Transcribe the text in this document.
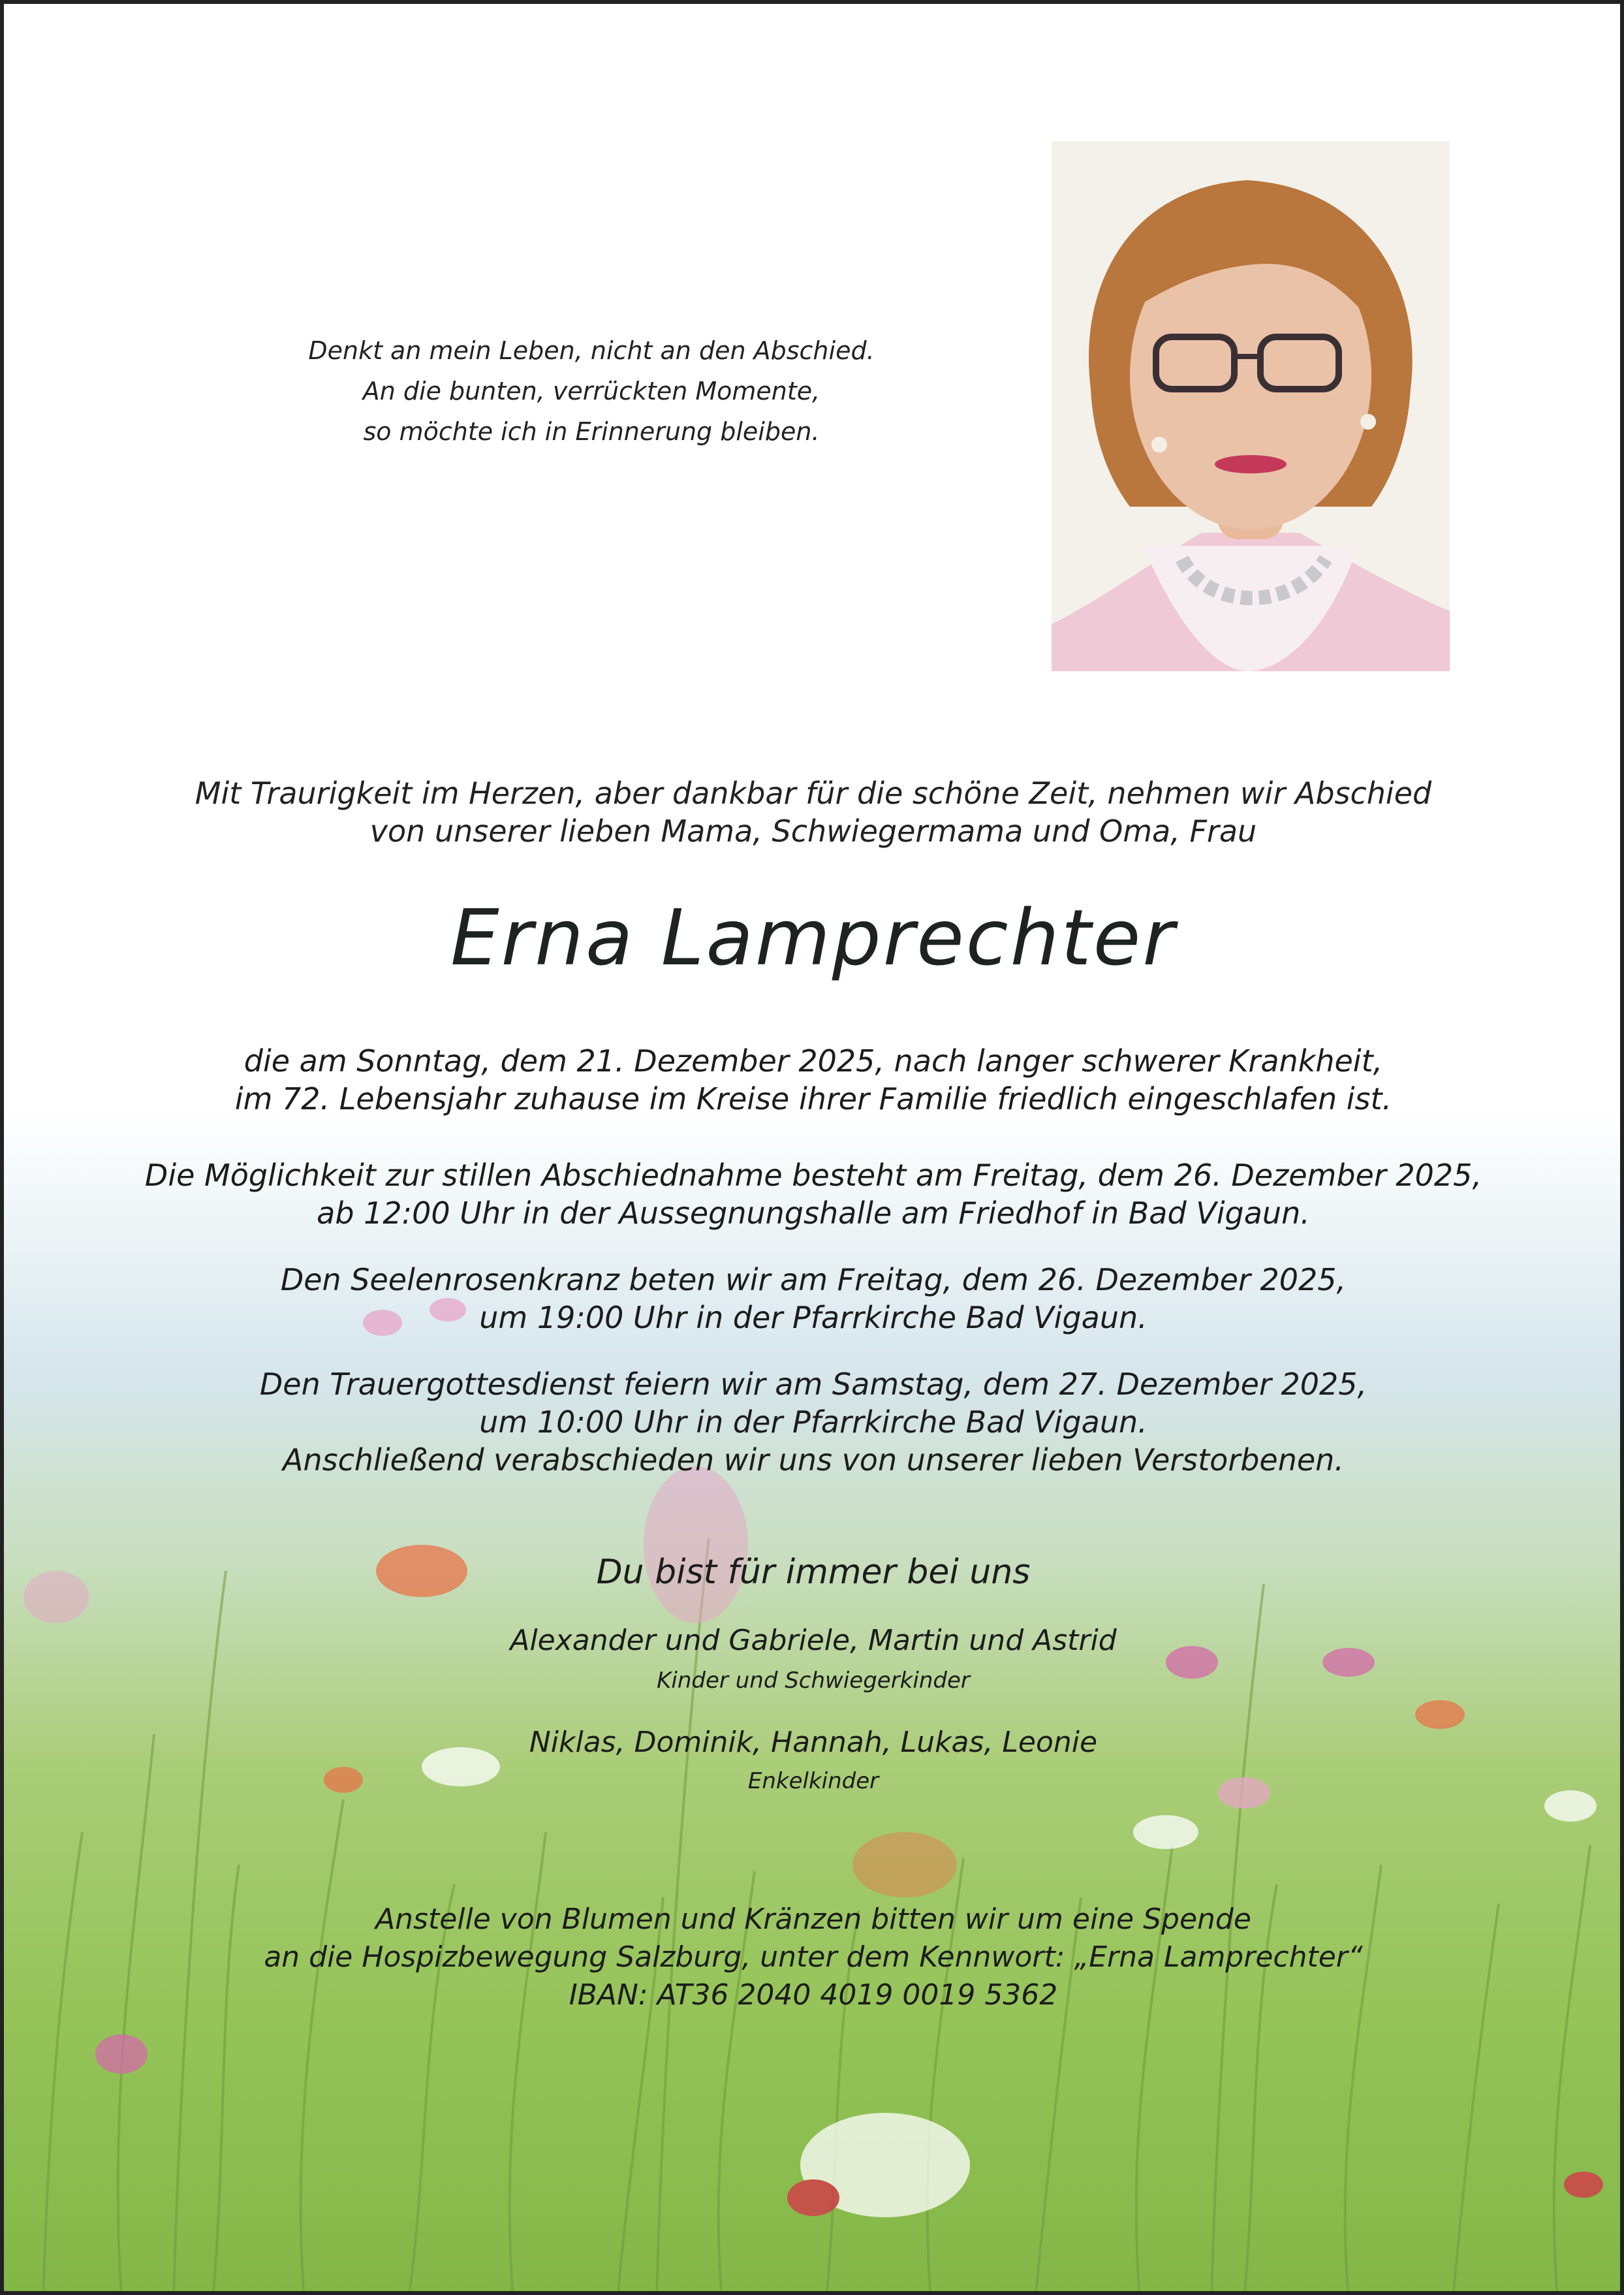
Denkt an mein Leben, nicht an den Abschied.
An die bunten, verrückten Momente,
so möchte ich in Erinnerung bleiben.
Mit Traurigkeit im Herzen, aber dankbar für die schöne Zeit, nehmen wir Abschied
von unserer lieben Mama, Schwiegermama und Oma, Frau
Erna Lamprechter
die am Sonntag, dem 21. Dezember 2025, nach langer schwerer Krankheit,
im 72. Lebensjahr zuhause im Kreise ihrer Familie friedlich eingeschlafen ist.
Die Möglichkeit zur stillen Abschiednahme besteht am Freitag, dem 26. Dezember 2025,
ab 12:00 Uhr in der Aussegnungshalle am Friedhof in Bad Vigaun.
Den Seelenrosenkranz beten wir am Freitag, dem 26. Dezember 2025,
um 19:00 Uhr in der Pfarrkirche Bad Vigaun.
Den Trauergottesdienst feiern wir am Samstag, dem 27. Dezember 2025,
um 10:00 Uhr in der Pfarrkirche Bad Vigaun.
Anschließend verabschieden wir uns von unserer lieben Verstorbenen.
Du bist für immer bei uns
Alexander und Gabriele, Martin und Astrid
Kinder und Schwiegerkinder
Niklas, Dominik, Hannah, Lukas, Leonie
Enkelkinder
Anstelle von Blumen und Kränzen bitten wir um eine Spende
an die Hospizbewegung Salzburg, unter dem Kennwort: „Erna Lamprechter“
IBAN: AT36 2040 4019 0019 5362
